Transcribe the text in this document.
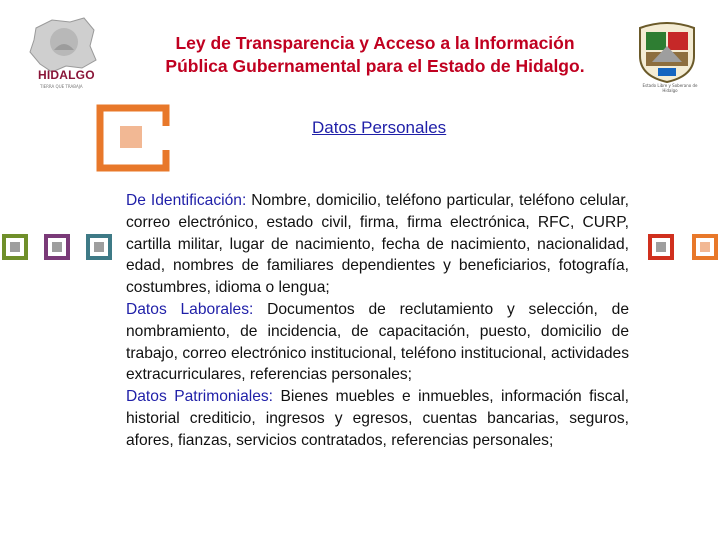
HIDALGO
TIERRA QUE TRABAJA
Ley de Transparencia y Acceso a la Información
Pública Gubernamental para el Estado de Hidalgo.
Estado Libre y Soberano de Hidalgo
Datos Personales

De Identificación: Nombre, domicilio, teléfono particular, teléfono celular, correo electrónico, estado civil, firma, firma electrónica, RFC, CURP, cartilla militar, lugar de nacimiento, fecha de nacimiento, nacionalidad, edad, nombres de familiares dependientes y beneficiarios, fotografía, costumbres, idioma o lengua;

Datos Laborales: Documentos de reclutamiento y selección, de nombramiento, de incidencia, de capacitación, puesto, domicilio de trabajo, correo electrónico institucional, teléfono institucional, actividades extracurriculares, referencias personales;

Datos Patrimoniales: Bienes muebles e inmuebles, información fiscal, historial crediticio, ingresos y egresos, cuentas bancarias, seguros, afores, fianzas, servicios contratados, referencias personales;
